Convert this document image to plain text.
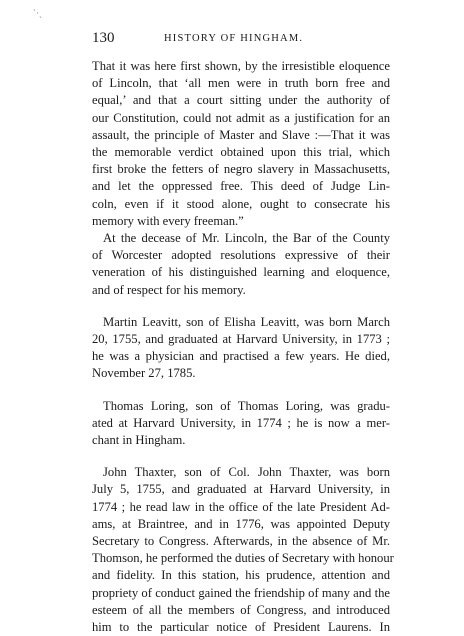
ˋ·ˏ
130	HISTORY OF HINGHAM.
That it was here first shown, by the irresistible eloquence
of Lincoln, that ‘all men were in truth born free and
equal,’ and that a court sitting under the authority of
our Constitution, could not admit as a justification for an
assault, the principle of Master and Slave :—That it was
the memorable verdict obtained upon this trial, which
first broke the fetters of negro slavery in Massachusetts,
and let the oppressed free. This deed of Judge Lin-
coln, even if it stood alone, ought to consecrate his
memory with every freeman.”
At the decease of Mr. Lincoln, the Bar of the County
of Worcester adopted resolutions expressive of their
veneration of his distinguished learning and eloquence,
and of respect for his memory.
Martin Leavitt, son of Elisha Leavitt, was born March
20, 1755, and graduated at Harvard University, in 1773 ;
he was a physician and practised a few years. He died,
November 27, 1785.
Thomas Loring, son of Thomas Loring, was gradu-
ated at Harvard University, in 1774 ; he is now a mer-
chant in Hingham.
John Thaxter, son of Col. John Thaxter, was born
July 5, 1755, and graduated at Harvard University, in
1774 ; he read law in the office of the late President Ad-
ams, at Braintree, and in 1776, was appointed Deputy
Secretary to Congress. Afterwards, in the absence of Mr.
Thomson, he performed the duties of Secretary with honour
and fidelity. In this station, his prudence, attention and
propriety of conduct gained the friendship of many and the
esteem of all the members of Congress, and introduced
him to the particular notice of President Laurens. In
